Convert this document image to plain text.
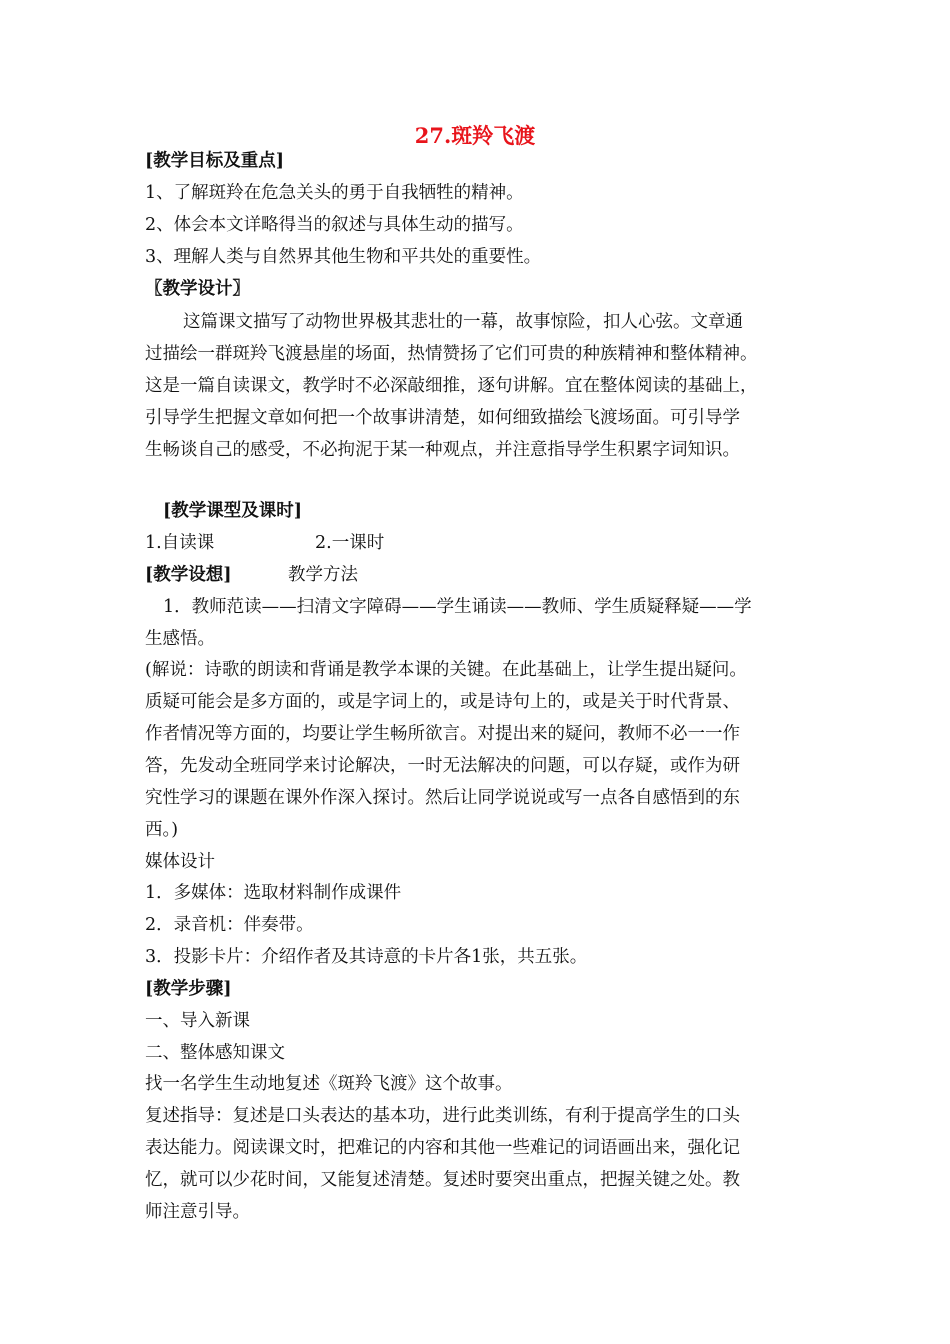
27.斑羚飞渡
[教学目标及重点]
1、了解斑羚在危急关头的勇于自我牺牲的精神。
2、体会本文详略得当的叙述与具体生动的描写。
3、理解人类与自然界其他生物和平共处的重要性。
〖教学设计〗
这篇课文描写了动物世界极其悲壮的一幕，故事惊险，扣人心弦。文章通
过描绘一群斑羚飞渡悬崖的场面，热情赞扬了它们可贵的种族精神和整体精神。
这是一篇自读课文，教学时不必深敲细推，逐句讲解。宜在整体阅读的基础上，
引导学生把握文章如何把一个故事讲清楚，如何细致描绘飞渡场面。可引导学
生畅谈自己的感受，不必拘泥于某一种观点，并注意指导学生积累字词知识。
[教学课型及课时]
1.自读课	2.一课时
[教学设想]	教学方法
1．教师范读——扫清文字障碍——学生诵读——教师、学生质疑释疑——学
生感悟。
(解说：诗歌的朗读和背诵是教学本课的关键。在此基础上，让学生提出疑问。
质疑可能会是多方面的，或是字词上的，或是诗句上的，或是关于时代背景、
作者情况等方面的，均要让学生畅所欲言。对提出来的疑问，教师不必一一作
答，先发动全班同学来讨论解决，一时无法解决的问题，可以存疑，或作为研
究性学习的课题在课外作深入探讨。然后让同学说说或写一点各自感悟到的东
西。)
媒体设计
1．多媒体：选取材料制作成课件
2．录音机：伴奏带。
3．投影卡片：介绍作者及其诗意的卡片各1张，共五张。
[教学步骤]
一、导入新课
二、整体感知课文
找一名学生生动地复述《斑羚飞渡》这个故事。
复述指导：复述是口头表达的基本功，进行此类训练，有利于提高学生的口头
表达能力。阅读课文时，把难记的内容和其他一些难记的词语画出来，强化记
忆，就可以少花时间，又能复述清楚。复述时要突出重点，把握关键之处。教
师注意引导。
